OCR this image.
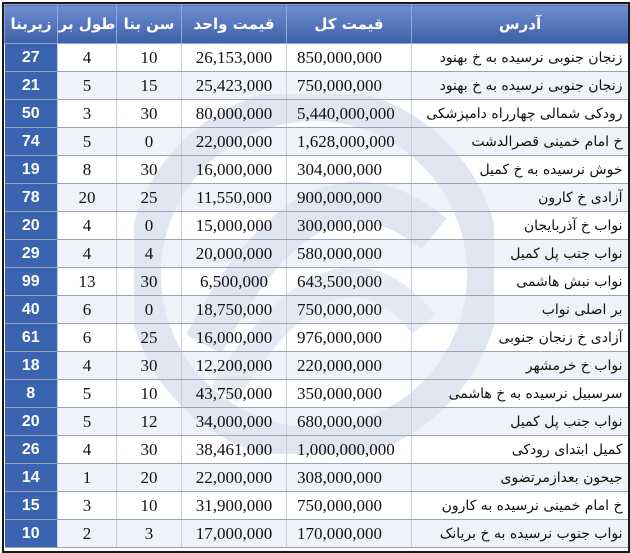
زیربنا	طول بر	سن بنا	قیمت واحد	قیمت کل	آدرس
27	4	10	26,153,000	850,000,000	زنجان جنوبی نرسیده به خ بهنود
21	5	15	25,423,000	750,000,000	زنجان جنوبی نرسیده به خ بهنود
50	3	30	80,000,000	5,440,000,000	رودکی شمالی چهارراه دامپزشکی
74	5	0	22,000,000	1,628,000,000	خ امام خمینی قصرالدشت
19	8	30	16,000,000	304,000,000	خوش نرسیده به خ کمیل
78	20	25	11,550,000	900,000,000	آزادی خ کارون
20	4	0	15,000,000	300,000,000	نواب خ آذربایجان
29	4	4	20,000,000	580,000,000	نواب جنب پل کمیل
99	13	30	6,500,000	643,500,000	نواب نبش هاشمی
40	6	0	18,750,000	750,000,000	بر اصلی نواب
61	6	25	16,000,000	976,000,000	آزادی خ زنجان جنوبی
18	4	30	12,200,000	220,000,000	نواب خ خرمشهر
8	5	10	43,750,000	350,000,000	سرسبیل نرسیده به خ هاشمی
20	5	12	34,000,000	680,000,000	نواب جنب پل کمیل
26	4	30	38,461,000	1,000,000,000	کمیل ابتدای رودکی
14	1	20	22,000,000	308,000,000	جیحون بعدازمرتضوی
15	3	10	31,900,000	750,000,000	خ امام خمینی نرسیده به کارون
10	2	3	17,000,000	170,000,000	نواب جنوب نرسیده به خ بریانک
